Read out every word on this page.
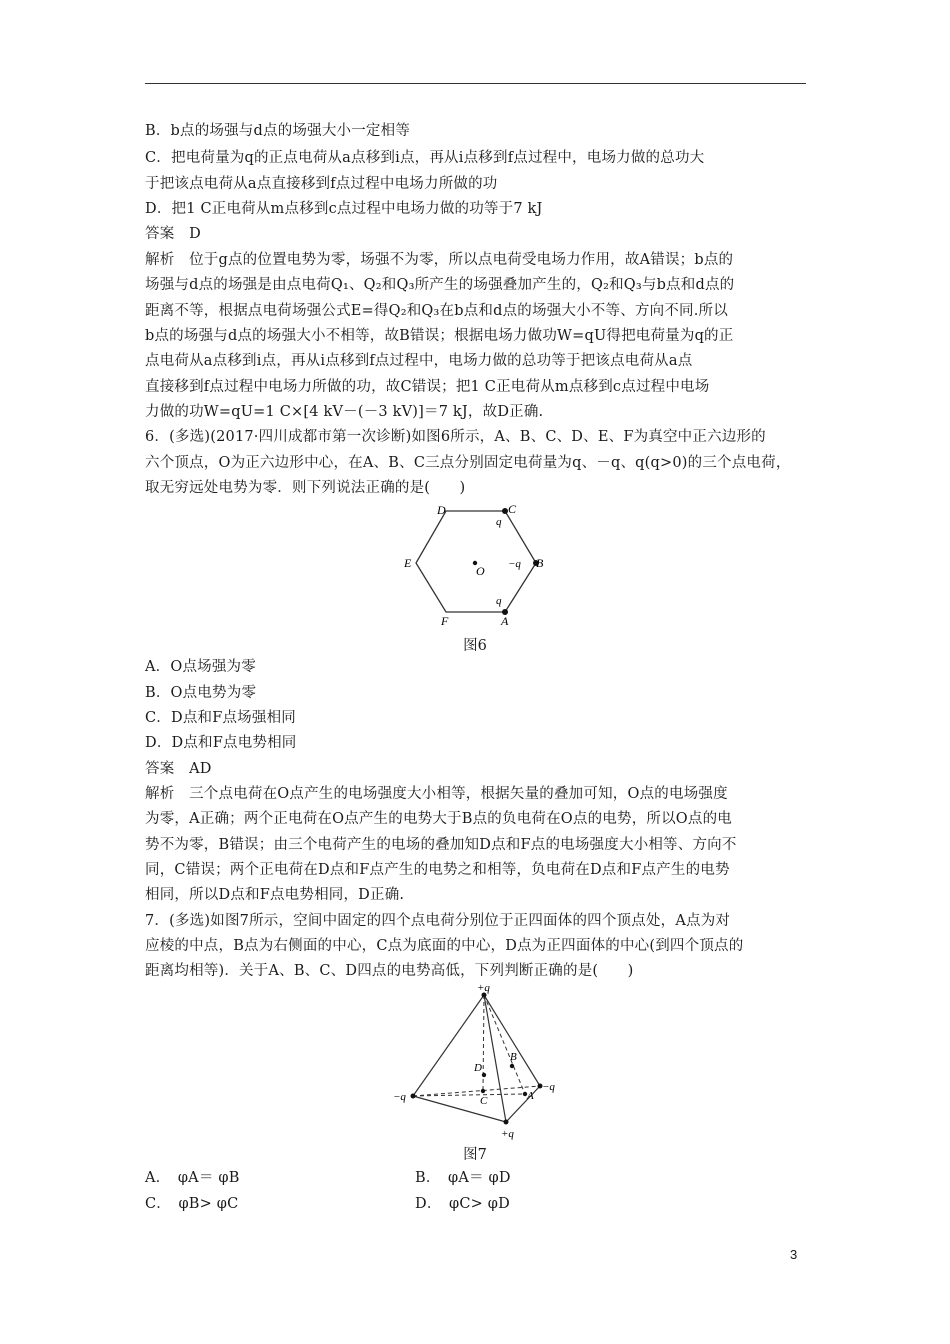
B．b点的场强与d点的场强大小一定相等
C．把电荷量为q的正点电荷从a点移到i点，再从i点移到f点过程中，电场力做的总功大
于把该点电荷从a点直接移到f点过程中电场力所做的功
D．把1 C正电荷从m点移到c点过程中电场力做的功等于7 kJ
答案　D
解析　位于g点的位置电势为零，场强不为零，所以点电荷受电场力作用，故A错误；b点的
场强与d点的场强是由点电荷Q₁、Q₂和Q₃所产生的场强叠加产生的，Q₂和Q₃与b点和d点的
距离不等，根据点电荷场强公式E=得Q₂和Q₃在b点和d点的场强大小不等、方向不同.所以
b点的场强与d点的场强大小不相等，故B错误；根据电场力做功W=qU得把电荷量为q的正
点电荷从a点移到i点，再从i点移到f点过程中，电场力做的总功等于把该点电荷从a点
直接移到f点过程中电场力所做的功，故C错误；把1 C正电荷从m点移到c点过程中电场
力做的功W=qU=1 C×[4 kV－(－3 kV)]＝7 kJ，故D正确.
6．(多选)(2017·四川成都市第一次诊断)如图6所示，A、B、C、D、E、F为真空中正六边形的
六个顶点，O为正六边形中心，在A、B、C三点分别固定电荷量为q、－q、q(q>0)的三个点电荷，
取无穷远处电势为零．则下列说法正确的是(　　)
D	C
E	B
F	A
O
q
−q
q
图6
A．O点场强为零
B．O点电势为零
C．D点和F点场强相同
D．D点和F点电势相同
答案　AD
解析　三个点电荷在O点产生的电场强度大小相等，根据矢量的叠加可知，O点的电场强度
为零，A正确；两个正电荷在O点产生的电势大于B点的负电荷在O点的电势，所以O点的电
势不为零，B错误；由三个电荷产生的电场的叠加知D点和F点的电场强度大小相等、方向不
同，C错误；两个正电荷在D点和F点产生的电势之和相等，负电荷在D点和F点产生的电势
相同，所以D点和F点电势相同，D正确.
7．(多选)如图7所示，空间中固定的四个点电荷分别位于正四面体的四个顶点处，A点为对
应棱的中点，B点为右侧面的中心，C点为底面的中心，D点为正四面体的中心(到四个顶点的
距离均相等)．关于A、B、C、D四点的电势高低，下列判断正确的是(　　)
+q
−q
−q
+q
A
B
C
D
图7
A．　φA＝ φB	B．　φA＝ φD
C．　φB> φC	D．　φC> φD
3
